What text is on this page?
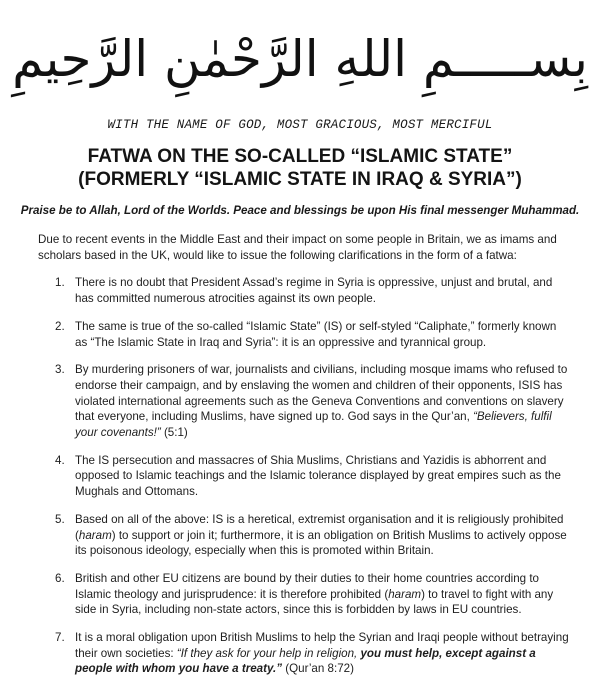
بِســـــمِ اللهِ الرَّحْمٰنِ الرَّحِيمِ
WITH THE NAME OF GOD, MOST GRACIOUS, MOST MERCIFUL
FATWA ON THE SO-CALLED “ISLAMIC STATE”
(FORMERLY “ISLAMIC STATE IN IRAQ & SYRIA”)
Praise be to Allah, Lord of the Worlds. Peace and blessings be upon His final messenger Muhammad.

Due to recent events in the Middle East and their impact on some people in Britain, we as imams and scholars based in the UK, would like to issue the following clarifications in the form of a fatwa:

1. There is no doubt that President Assad’s regime in Syria is oppressive, unjust and brutal, and has committed numerous atrocities against its own people.
2. The same is true of the so-called “Islamic State” (IS) or self-styled “Caliphate,” formerly known as “The Islamic State in Iraq and Syria”: it is an oppressive and tyrannical group.
3. By murdering prisoners of war, journalists and civilians, including mosque imams who refused to endorse their campaign, and by enslaving the women and children of their opponents, ISIS has violated international agreements such as the Geneva Conventions and conventions on slavery that everyone, including Muslims, have signed up to. God says in the Qur’an, “Believers, fulfil your covenants!” (5:1)
4. The IS persecution and massacres of Shia Muslims, Christians and Yazidis is abhorrent and opposed to Islamic teachings and the Islamic tolerance displayed by great empires such as the Mughals and Ottomans.
5. Based on all of the above: IS is a heretical, extremist organisation and it is religiously prohibited (haram) to support or join it; furthermore, it is an obligation on British Muslims to actively oppose its poisonous ideology, especially when this is promoted within Britain.
6. British and other EU citizens are bound by their duties to their home countries according to Islamic theology and jurisprudence: it is therefore prohibited (haram) to travel to fight with any side in Syria, including non-state actors, since this is forbidden by laws in EU countries.
7. It is a moral obligation upon British Muslims to help the Syrian and Iraqi people without betraying their own societies: “If they ask for your help in religion, you must help, except against a people with whom you have a treaty.” (Qur’an 8:72)
